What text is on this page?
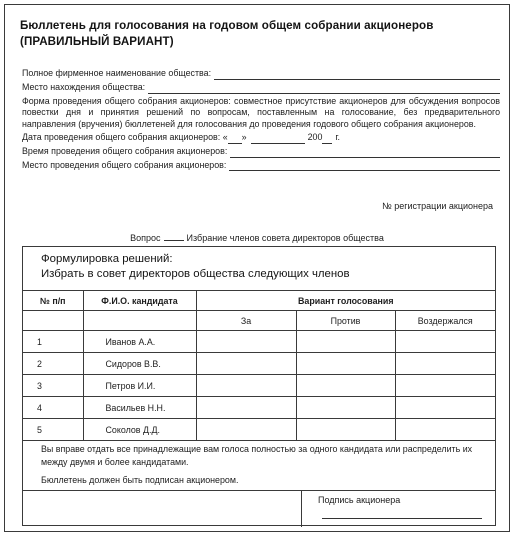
Бюллетень для голосования на годовом общем собрании акционеров
(ПРАВИЛЬНЫЙ ВАРИАНТ)
Полное фирменное наименование общества:
Место нахождения общества:
Форма проведения общего собрания акционеров: совместное присутствие акционеров для обсуждения вопросов повестки дня и принятия решений по вопросам, поставленным на голосование, без предварительного направления (вручения) бюллетеней для голосования до проведения годового общего собрания акционеров.
Дата проведения общего собрания акционеров: « »	200 г.
Время проведения общего собрания акционеров:
Место проведения общего собрания акционеров:
№ регистрации акционера
Вопрос	Избрание членов совета директоров общества
Формулировка решений:
Избрать в совет директоров общества следующих членов
№ п/п	Ф.И.О. кандидата	Вариант голосования		
		За	Против	Воздержался
1	Иванов А.А.			
2	Сидоров В.В.			
3	Петров И.И.			
4	Васильев Н.Н.			
5	Соколов Д.Д.			

Вы вправе отдать все принадлежащие вам голоса полностью за одного кандидата или распределить их между двумя и более кандидатами.

Бюллетень должен быть подписан акционером.

Подпись акционера
